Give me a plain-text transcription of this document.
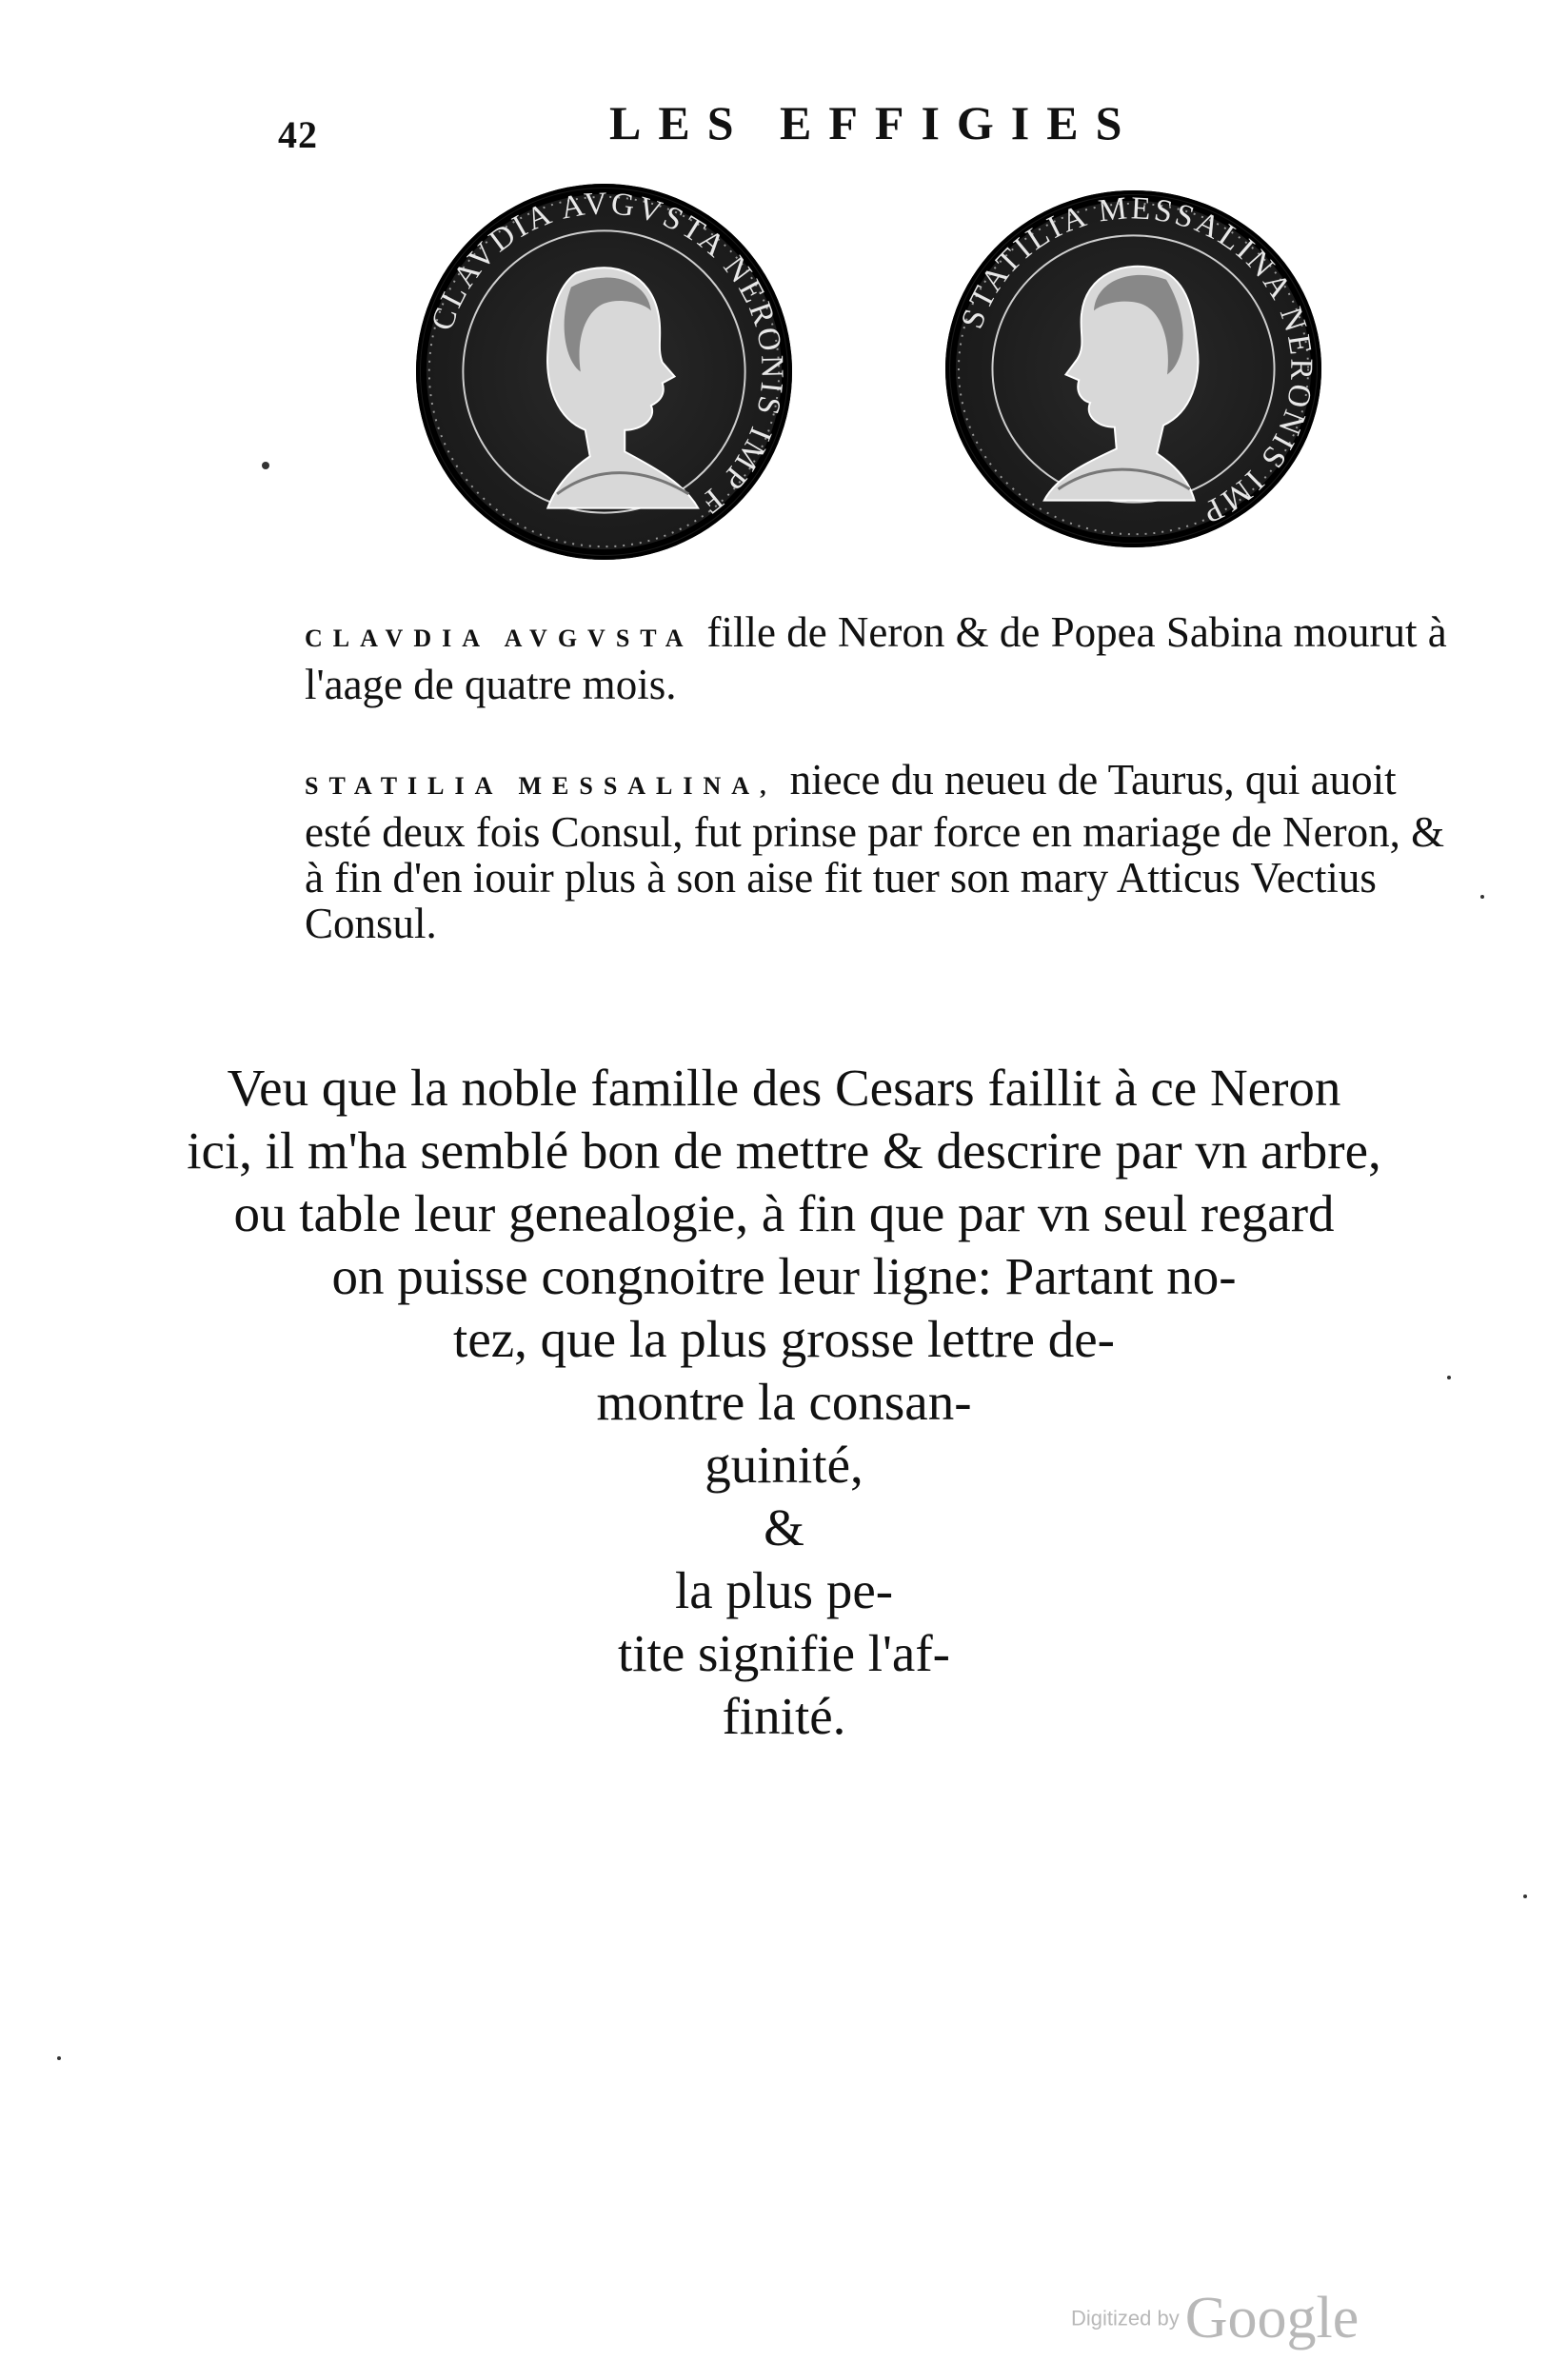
42	LES EFFIGIES
CLAVDIA AVGVSTA NERONIS IMP F
STATILIA MESSALINA NERONIS IMP
CLAVDIA AVGVSTA fille de Neron & de Popea Sabina mourut à l'aage de quatre mois.
STATILIA MESSALINA, niece du neueu de Taurus, qui auoit esté deux fois Consul, fut prinse par force en mariage de Neron, & à fin d'en iouir plus à son aise fit tuer son mary Atticus Vectius Consul.
Veu que la noble famille des Cesars faillit à ce Neron
ici, il m'ha semblé bon de mettre & descrire par vn arbre,
ou table leur genealogie, à fin que par vn seul regard
on puisse congnoitre leur ligne: Partant no-
tez, que la plus grosse lettre de-
montre la consan-
guinité,
&
la plus pe-
tite signifie l'af-
finité.
Digitized byGoogle
